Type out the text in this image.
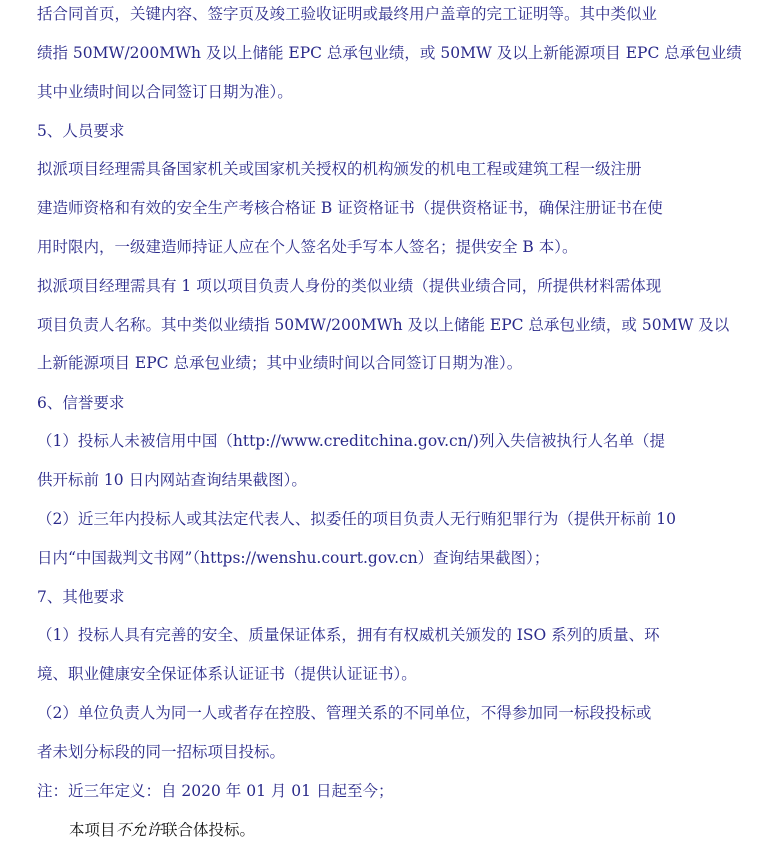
括合同首页，关键内容、签字页及竣工验收证明或最终用户盖章的完工证明等。其中类似业
绩指 50MW/200MWh 及以上储能 EPC 总承包业绩，或 50MW 及以上新能源项目 EPC 总承包业绩
其中业绩时间以合同签订日期为准）。
5、人员要求
拟派项目经理需具备国家机关或国家机关授权的机构颁发的机电工程或建筑工程一级注册
建造师资格和有效的安全生产考核合格证 B 证资格证书（提供资格证书，确保注册证书在使
用时限内，一级建造师持证人应在个人签名处手写本人签名；提供安全 B 本）。
拟派项目经理需具有 1 项以项目负责人身份的类似业绩（提供业绩合同，所提供材料需体现
项目负责人名称。其中类似业绩指 50MW/200MWh 及以上储能 EPC 总承包业绩，或 50MW 及以
上新能源项目 EPC 总承包业绩；其中业绩时间以合同签订日期为准）。
6、信誉要求
（1）投标人未被信用中国（http://www.creditchina.gov.cn/)列入失信被执行人名单（提
供开标前 10 日内网站查询结果截图）。
（2）近三年内投标人或其法定代表人、拟委任的项目负责人无行贿犯罪行为（提供开标前 10
日内“中国裁判文书网”（https://wenshu.court.gov.cn）查询结果截图）；
7、其他要求
（1）投标人具有完善的安全、质量保证体系，拥有有权威机关颁发的 ISO 系列的质量、环
境、职业健康安全保证体系认证证书（提供认证证书）。
（2）单位负责人为同一人或者存在控股、管理关系的不同单位，不得参加同一标段投标或
者未划分标段的同一招标项目投标。
注：近三年定义：自 2020 年 01 月 01 日起至今；
本项目不允许联合体投标。
